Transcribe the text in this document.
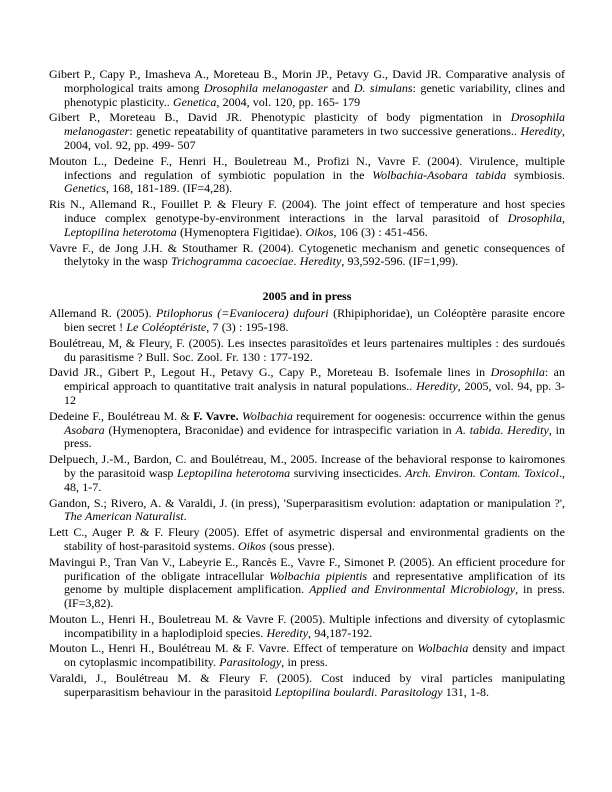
Gibert P., Capy P., Imasheva A., Moreteau B., Morin JP., Petavy G., David JR. Comparative analysis of morphological traits among Drosophila melanogaster and D. simulans: genetic variability, clines and phenotypic plasticity.. Genetica, 2004, vol. 120, pp. 165- 179

Gibert P., Moreteau B., David JR. Phenotypic plasticity of body pigmentation in Drosophila melanogaster: genetic repeatability of quantitative parameters in two successive generations.. Heredity, 2004, vol. 92, pp. 499- 507

Mouton L., Dedeine F., Henri H., Bouletreau M., Profizi N., Vavre F. (2004). Virulence, multiple infections and regulation of symbiotic population in the Wolbachia-Asobara tabida symbiosis. Genetics, 168, 181-189. (IF=4,28).

Ris N., Allemand R., Fouillet P. & Fleury F. (2004). The joint effect of temperature and host species induce complex genotype-by-environment interactions in the larval parasitoid of Drosophila, Leptopilina heterotoma (Hymenoptera Figitidae). Oikos, 106 (3) : 451-456.

Vavre F., de Jong J.H. & Stouthamer R. (2004). Cytogenetic mechanism and genetic consequences of thelytoky in the wasp Trichogramma cacoeciae. Heredity, 93,592-596. (IF=1,99).

2005 and in press

Allemand R. (2005). Ptilophorus (=Evaniocera) dufouri (Rhipiphoridae), un Coléoptère parasite encore bien secret ! Le Coléoptériste, 7 (3) : 195-198.

Boulétreau, M, & Fleury, F. (2005). Les insectes parasitoïdes et leurs partenaires multiples : des surdoués du parasitisme ? Bull. Soc. Zool. Fr. 130 : 177-192.

David JR., Gibert P., Legout H., Petavy G., Capy P., Moreteau B. Isofemale lines in Drosophila: an empirical approach to quantitative trait analysis in natural populations.. Heredity, 2005, vol. 94, pp. 3-12

Dedeine F., Boulétreau M. & F. Vavre. Wolbachia requirement for oogenesis: occurrence within the genus Asobara (Hymenoptera, Braconidae) and evidence for intraspecific variation in A. tabida. Heredity, in press.

Delpuech, J.-M., Bardon, C. and Boulétreau, M., 2005. Increase of the behavioral response to kairomones by the parasitoid wasp Leptopilina heterotoma surviving insecticides. Arch. Environ. Contam. Toxicol., 48, 1-7.

Gandon, S.; Rivero, A. & Varaldi, J. (in press), 'Superparasitism evolution: adaptation or manipulation ?', The American Naturalist.

Lett C., Auger P. & F. Fleury (2005). Effet of asymetric dispersal and environmental gradients on the stability of host-parasitoid systems. Oikos (sous presse).

Mavingui P., Tran Van V., Labeyrie E., Rancès E., Vavre F., Simonet P. (2005). An efficient procedure for purification of the obligate intracellular Wolbachia pipientis and representative amplification of its genome by multiple displacement amplification. Applied and Environmental Microbiology, in press. (IF=3,82).

Mouton L., Henri H., Bouletreau M. & Vavre F. (2005). Multiple infections and diversity of cytoplasmic incompatibility in a haplodiploid species. Heredity, 94,187-192.

Mouton L., Henri H., Boulétreau M. & F. Vavre. Effect of temperature on Wolbachia density and impact on cytoplasmic incompatibility. Parasitology, in press.

Varaldi, J., Boulétreau M. & Fleury F. (2005). Cost induced by viral particles manipulating superparasitism behaviour in the parasitoid Leptopilina boulardi. Parasitology 131, 1-8.
